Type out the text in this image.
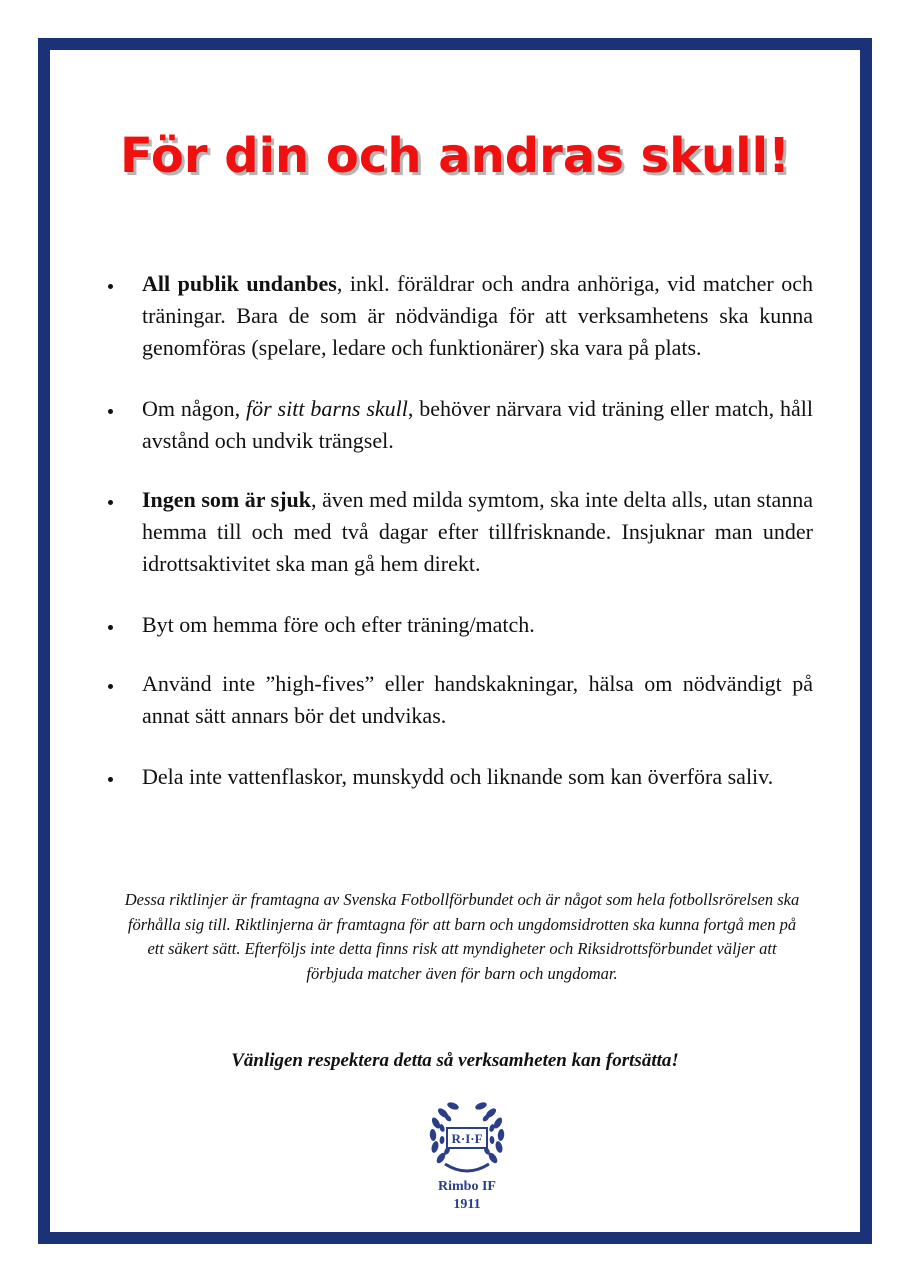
För din och andras skull!
All publik undanbes, inkl. föräldrar och andra anhöriga, vid matcher och träningar. Bara de som är nödvändiga för att verksamhetens ska kunna genomföras (spelare, ledare och funktionärer) ska vara på plats.
Om någon, för sitt barns skull, behöver närvara vid träning eller match, håll avstånd och undvik trängsel.
Ingen som är sjuk, även med milda symtom, ska inte delta alls, utan stanna hemma till och med två dagar efter tillfrisknande. Insjuknar man under idrottsaktivitet ska man gå hem direkt.
Byt om hemma före och efter träning/match.
Använd inte ”high-fives” eller handskakningar, hälsa om nödvändigt på annat sätt annars bör det undvikas.
Dela inte vattenflaskor, munskydd och liknande som kan överföra saliv.

Dessa riktlinjer är framtagna av Svenska Fotbollförbundet och är något som hela fotbollsrörelsen ska förhålla sig till. Riktlinjerna är framtagna för att barn och ungdomsidrotten ska kunna fortgå men på ett säkert sätt. Efterföljs inte detta finns risk att myndigheter och Riksidrottsförbundet väljer att förbjuda matcher även för barn och ungdomar.

Vänligen respektera detta så verksamheten kan fortsätta!

R·I·F
Rimbo IF
1911
